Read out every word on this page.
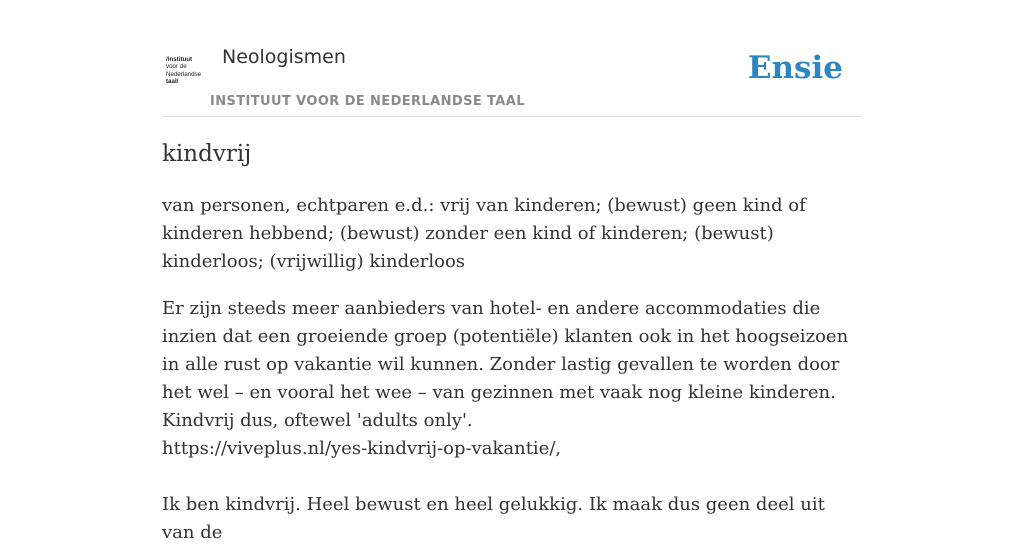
/instituut
voor de
Nederlandse
taal/
Neologismen
INSTITUUT VOOR DE NEDERLANDSE TAAL
Ensie
kindvrij

van personen, echtparen e.d.: vrij van kinderen; (bewust) geen kind of kinderen hebbend; (bewust) zonder een kind of kinderen; (bewust) kinderloos; (vrijwillig) kinderloos

Er zijn steeds meer aanbieders van hotel- en andere accommodaties die inzien dat een groeiende groep (potentiële) klanten ook in het hoogseizoen in alle rust op vakantie wil kunnen. Zonder lastig gevallen te worden door het wel – en vooral het wee – van gezinnen met vaak nog kleine kinderen. Kindvrij dus, oftewel 'adults only'.

https://viveplus.nl/yes-kindvrij-op-vakantie/,

Ik ben kindvrij. Heel bewust en heel gelukkig. Ik maak dus geen deel uit van de
